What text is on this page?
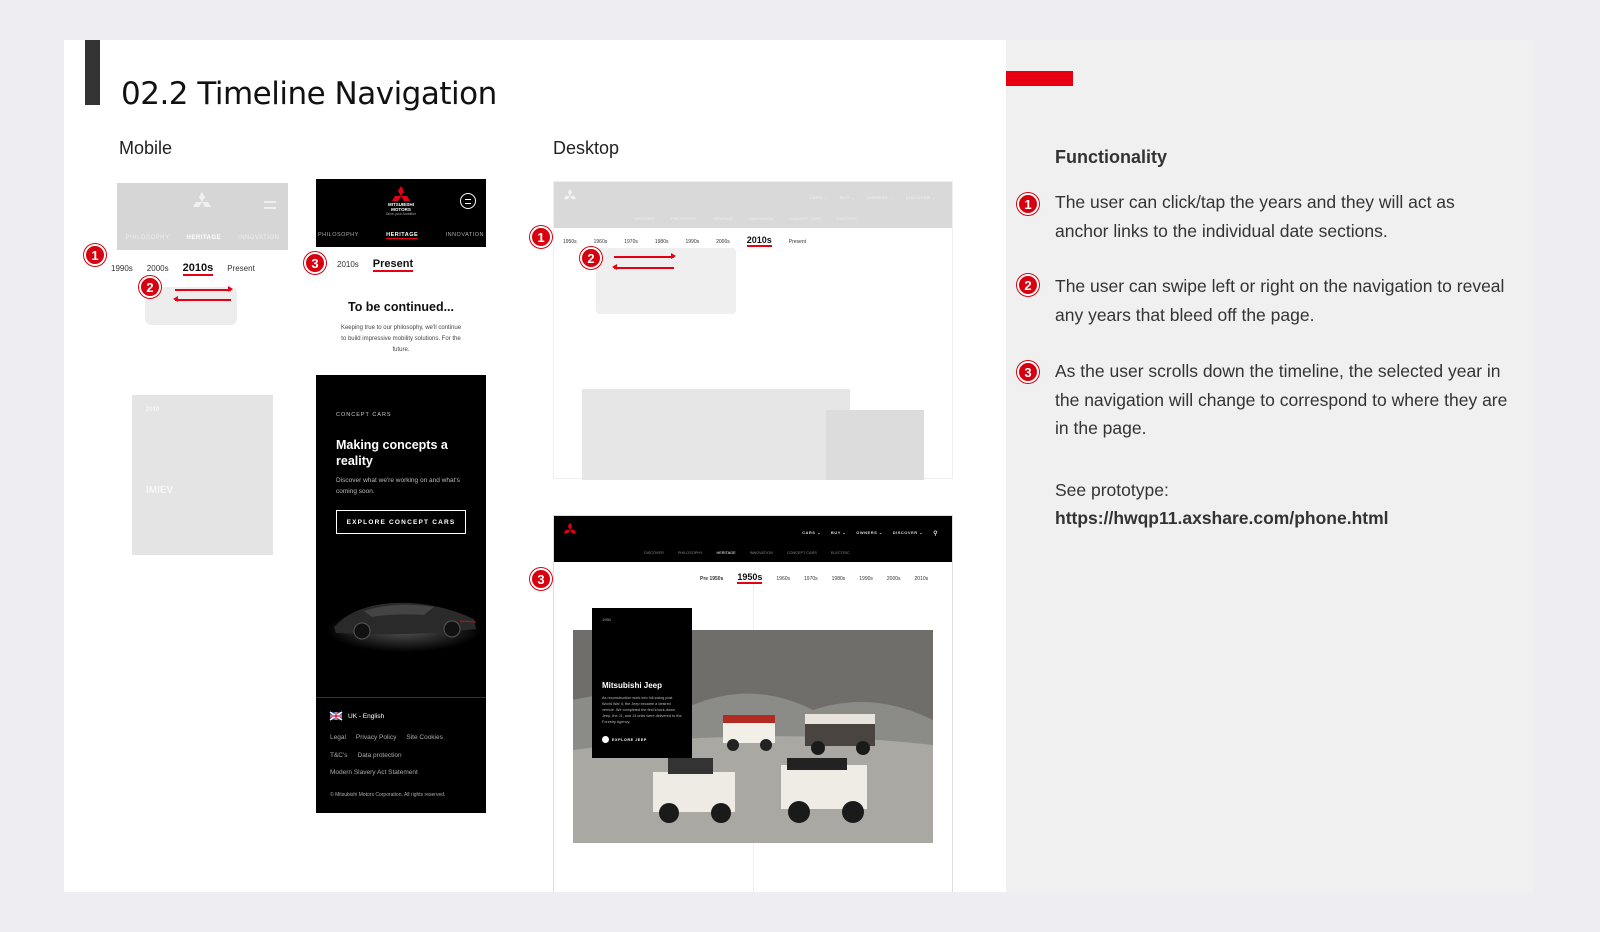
02.2 Timeline Navigation
Mobile	Desktop
PHILOSOPHY	HERITAGE	INNOVATION
1990s 2000s 2010s Present
2010
IMIEV
1
2
MITSUBISHI
MOTORS
Drive your Ambition
PHILOSOPHY	HERITAGE	INNOVATION
2010s Present
To be continued...
Keeping true to our philosophy, we'll continue to build impressive mobility solutions. For the future.
CONCEPT CARS
Making concepts a reality
Discover what we're working on and what's coming soon.
EXPLORE CONCEPT CARS
UK - English
Legal Privacy Policy Site Cookies
T&C's Data protection
Modern Slavery Act Statement
© Mitsubishi Motors Corporation. All rights reserved.
3
CARS ⌄	BUY ⌄	OWNERS ⌄	DISCOVER ⌄
DISCOVER	PHILOSOPHY	HERITAGE	INNOVATION	CONCEPT CARS	ELECTRIC
1950s	1960s	1970s	1980s	1990s	2000s 2010s	Present
1
2
CARS ⌄	BUY ⌄	OWNERS ⌄	DISCOVER ⌄ ⚲
DISCOVER	PHILOSOPHY	HERITAGE	INNOVATION	CONCEPT CARS	ELECTRIC
Pre 1950s 1950s	1960s	1970s	1980s	1990s	2000s	2010s
1950
Mitsubishi Jeep
As reconstruction work into full swing post World War II, the Jeep became a desired vehicle. We completed the first knock-down Jeep, the J1, and J4 units were delivered to the Forestry Agency.
EXPLORE JEEP
3
Functionality
1	The user can click/tap the years and they will act as anchor links to the individual date sections.
2	The user can swipe left or right on the navigation to reveal any years that bleed off the page.
3	As the user scrolls down the timeline, the selected year in the navigation will change to correspond to where they are in the page.
See prototype:
https://hwqp11.axshare.com/phone.html
